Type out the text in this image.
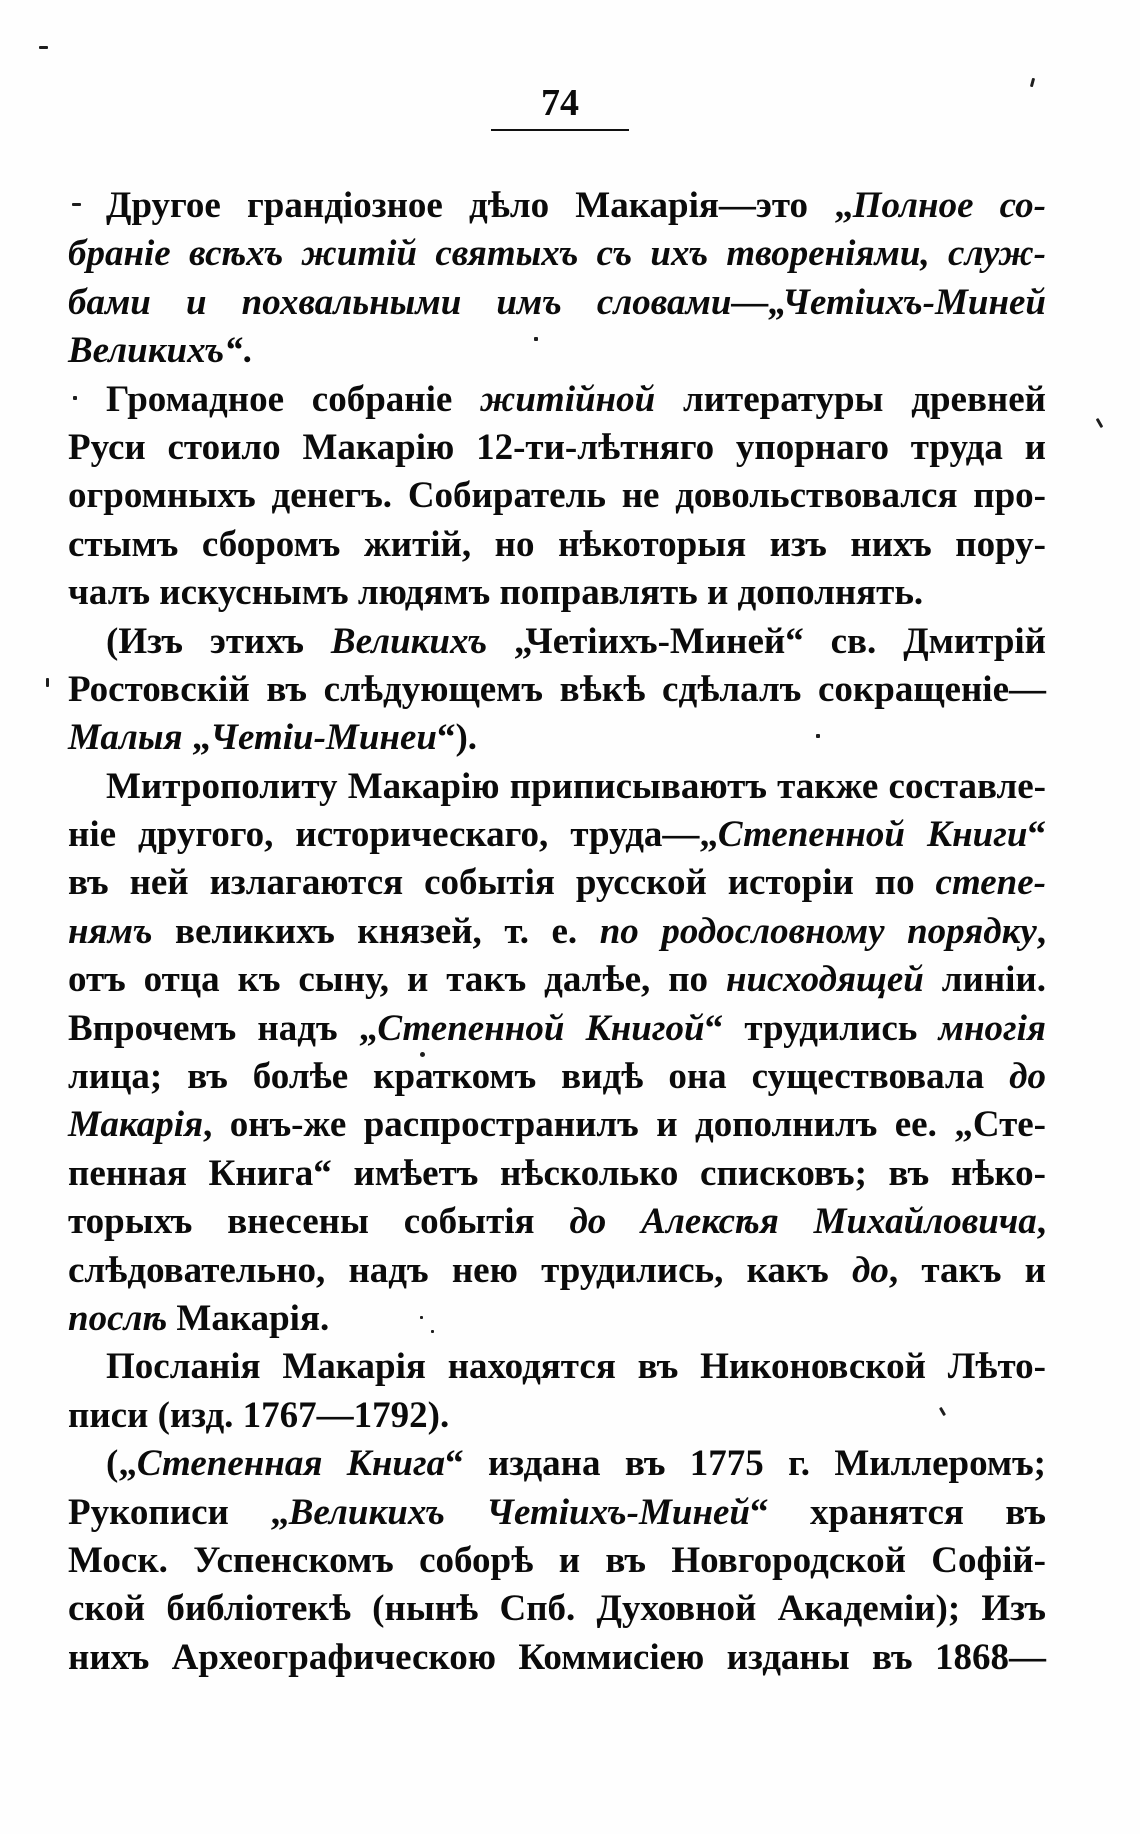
74
Другое грандіозное дѣло Макарія—это „Полное со-
браніе всѣхъ житій святыхъ съ ихъ твореніями, служ-
бами и похвальными имъ словами—„Четіихъ-Миней
Великихъ“.
Громадное собраніе житійной литературы древней
Руси стоило Макарію 12-ти-лѣтняго упорнаго труда и
огромныхъ денегъ. Собиратель не довольствовался про-
стымъ сборомъ житій, но нѣкоторыя изъ нихъ пору-
чалъ искуснымъ людямъ поправлять и дополнять.
(Изъ этихъ Великихъ „Четіихъ-Миней“ св. Дмитрій
Ростовскій въ слѣдующемъ вѣкѣ сдѣлалъ сокращеніе—
Малыя „Четіи-Минеи“).
Митрополиту Макарію приписываютъ также составле-
ніе другого, историческаго, труда—„Степенной Книги“
въ ней излагаются событія русской исторіи по степе-
нямъ великихъ князей, т. е. по родословному порядку,
отъ отца къ сыну, и такъ далѣе, по нисходящей линіи.
Впрочемъ надъ „Степенной Книгой“ трудились многія
лица; въ болѣе краткомъ видѣ она существовала до
Макарія, онъ-же распространилъ и дополнилъ ее. „Сте-
пенная Книга“ имѣетъ нѣсколько списковъ; въ нѣко-
торыхъ внесены событія до Алексѣя Михайловича,
слѣдовательно, надъ нею трудились, какъ до, такъ и
послѣ Макарія.
Посланія Макарія находятся въ Никоновской Лѣто-
писи (изд. 1767—1792).
(„Степенная Книга“ издана въ 1775 г. Миллеромъ;
Рукописи „Великихъ Четіихъ-Миней“ хранятся въ
Моск. Успенскомъ соборѣ и въ Новгородской Софій-
ской библіотекѣ (нынѣ Спб. Духовной Академіи); Изъ
нихъ Археографическою Коммисіею изданы въ 1868—
